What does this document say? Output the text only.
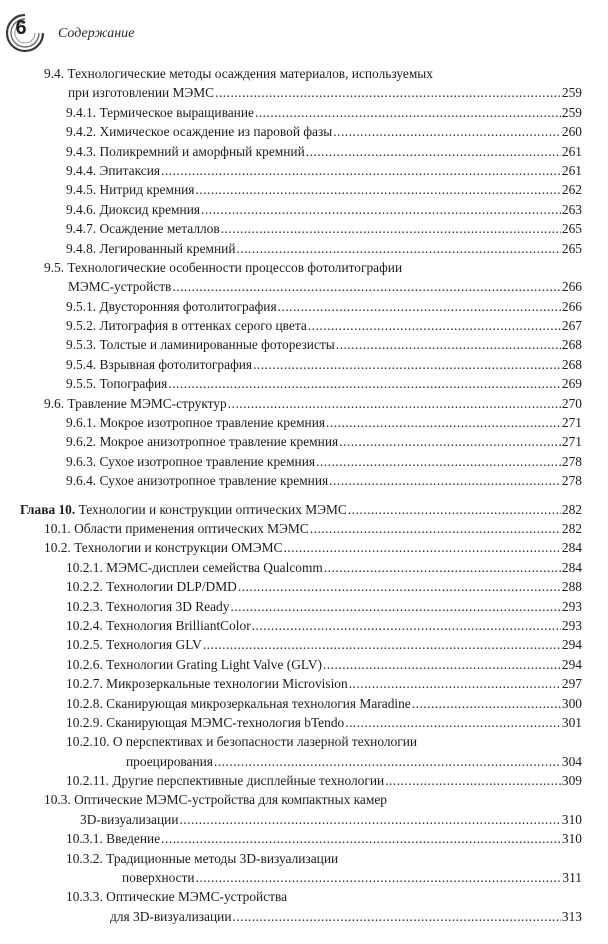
6	Содержание
9.4. Технологические методы осаждения материалов, используемых
при изготовлении МЭМС .....	259
9.4.1. Термическое выращивание .....	259
9.4.2. Химическое осаждение из паровой фазы .....	260
9.4.3. Поликремний и аморфный кремний .....	261
9.4.4. Эпитаксия .....	261
9.4.5. Нитрид кремния .....	262
9.4.6. Диоксид кремния .....	263
9.4.7. Осаждение металлов .....	265
9.4.8. Легированный кремний .....	265
9.5. Технологические особенности процессов фотолитографии
МЭМС-устройств .....	266
9.5.1. Двусторонняя фотолитография .....	266
9.5.2. Литография в оттенках серого цвета .....	267
9.5.3. Толстые и ламинированные фоторезисты .....	268
9.5.4. Взрывная фотолитография .....	268
9.5.5. Топография .....	269
9.6. Травление МЭМС-структур .....	270
9.6.1. Мокрое изотропное травление кремния .....	271
9.6.2. Мокрое анизотропное травление кремния .....	271
9.6.3. Сухое изотропное травление кремния .....	278
9.6.4. Сухое анизотропное травление кремния .....	278
Глава 10.
Технологии и конструкции оптических МЭМС .....	282
10.1. Области применения оптических МЭМС .....	282
10.2. Технологии и конструкции ОМЭМС .....	284
10.2.1. МЭМС-дисплеи семейства Qualcomm .....	284
10.2.2. Технологии DLP/DMD .....	288
10.2.3. Технология 3D Ready .....	293
10.2.4. Технология BrilliantColor .....	293
10.2.5. Технология GLV .....	294
10.2.6. Технологии Grating Light Valve (GLV) .....	294
10.2.7. Микрозеркальные технологии Microvision .....	297
10.2.8. Сканирующая микрозеркальная технология Maradine .....	300
10.2.9. Сканирующая МЭМС-технология bTendo .....	301
10.2.10. О перспективах и безопасности лазерной технологии
проецирования .....	304
10.2.11. Другие перспективные дисплейные технологии .....	309
10.3. Оптические МЭМС-устройства для компактных камер
3D-визуализации .....	310
10.3.1. Введение .....	310
10.3.2. Традиционные методы 3D-визуализации
поверхности .....	311
10.3.3. Оптические МЭМС-устройства
для 3D-визуализации .....	313
